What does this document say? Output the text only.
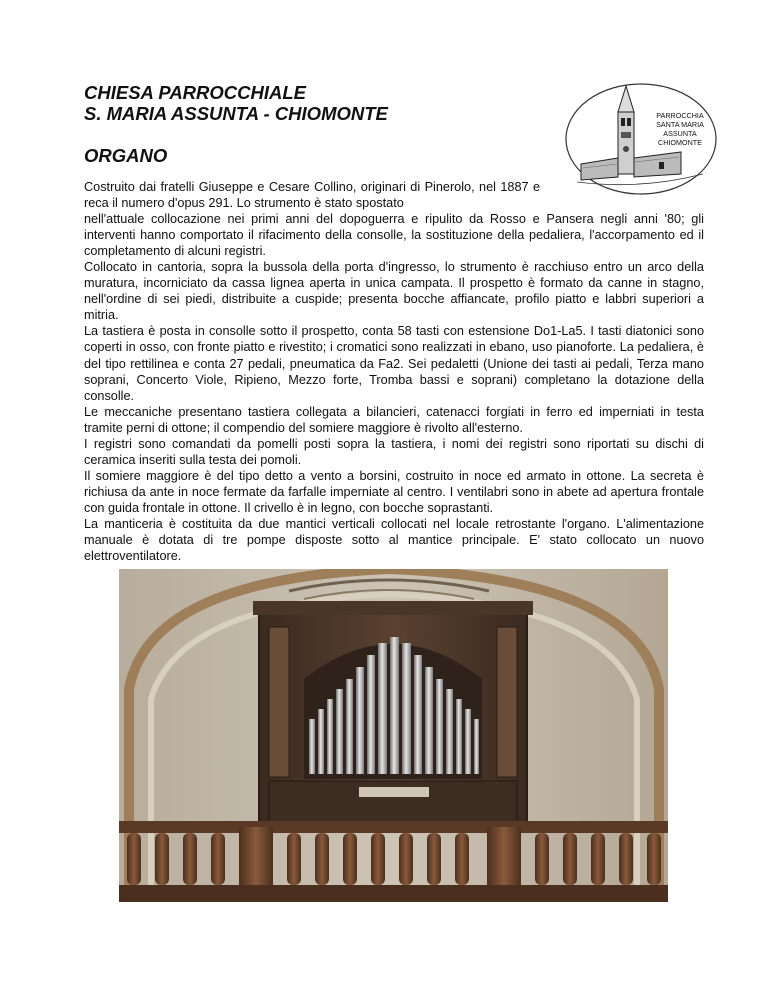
CHIESA PARROCCHIALE
S. MARIA ASSUNTA - CHIOMONTE
ORGANO
PARROCCHIA
SANTA MARIA
ASSUNTA
CHIOMONTE

Costruito dai fratelli Giuseppe e Cesare Collino, originari di Pinerolo, nel 1887 e reca il numero d'opus 291. Lo strumento è stato spostato

nell'attuale collocazione nei primi anni del dopoguerra e ripulito da Rosso e Pansera negli anni '80; gli interventi hanno comportato il rifacimento della consolle, la sostituzione della pedaliera, l'accorpamento ed il completamento di alcuni registri.

Collocato in cantoria, sopra la bussola della porta d'ingresso, lo strumento è racchiuso entro un arco della muratura, incorniciato da cassa lignea aperta in unica campata. Il prospetto è formato da canne in stagno, nell'ordine di sei piedi, distribuite a cuspide; presenta bocche affiancate, profilo piatto e labbri superiori a mitria.

La tastiera è posta in consolle sotto il prospetto, conta 58 tasti con estensione Do1-La5. I tasti diatonici sono coperti in osso, con fronte piatto e rivestito; i cromatici sono realizzati in ebano, uso pianoforte. La pedaliera, è del tipo rettilinea e conta 27 pedali, pneumatica da Fa2. Sei pedaletti (Unione dei tasti ai pedali, Terza mano soprani, Concerto Viole, Ripieno, Mezzo forte, Tromba bassi e soprani) completano la dotazione della consolle.

Le meccaniche presentano tastiera collegata a bilancieri, catenacci forgiati in ferro ed imperniati in testa tramite perni di ottone; il compendio del somiere maggiore è rivolto all'esterno.

I registri sono comandati da pomelli posti sopra la tastiera, i nomi dei registri sono riportati su dischi di ceramica inseriti sulla testa dei pomoli.

Il somiere maggiore è del tipo detto a vento a borsini, costruito in noce ed armato in ottone. La secreta è richiusa da ante in noce fermate da farfalle imperniate al centro. I ventilabri sono in abete ad apertura frontale con guida frontale in ottone. Il crivello è in legno, con bocche soprastanti.

La manticeria è costituita da due mantici verticali collocati nel locale retrostante l'organo. L'alimentazione manuale è dotata di tre pompe disposte sotto al mantice principale. E' stato collocato un nuovo elettroventilatore.
